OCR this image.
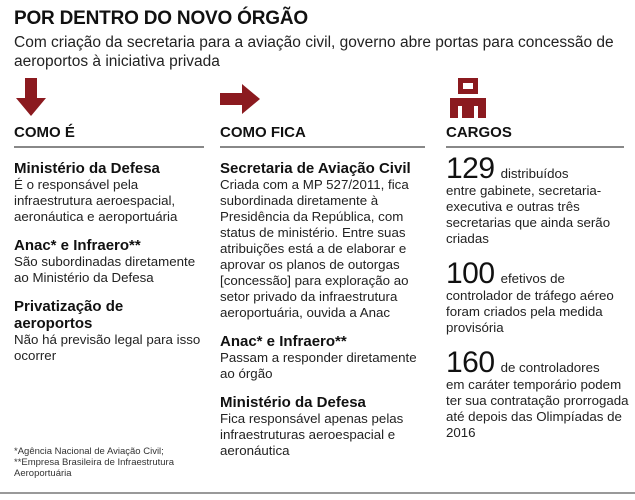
POR DENTRO DO NOVO ÓRGÃO
Com criação da secretaria para a aviação civil, governo abre portas para concessão de aeroportos à iniciativa privada
COMO É	COMO FICA	CARGOS
Ministério da Defesa
É o responsável pela infraestrutura aeroespacial, aeronáutica e aeroportuária
Anac* e Infraero**
São subordinadas diretamente ao Ministério da Defesa
Privatização de aeroportos
Não há previsão legal para isso ocorrer
Secretaria de Aviação Civil
Criada com a MP 527/2011, fica subordinada diretamente à Presidência da República, com status de ministério. Entre suas atribuições está a de elaborar e aprovar os planos de outorgas [concessão] para exploração ao setor privado da infraestrutura aeroportuária, ouvida a Anac
Anac* e Infraero**
Passam a responder diretamente ao órgão
Ministério da Defesa
Fica responsável apenas pelas infraestruturas aeroespacial e aeronáutica
129 distribuídos
entre gabinete, secretaria-executiva e outras três secretarias que ainda serão criadas
100 efetivos de
controlador de tráfego aéreo foram criados pela medida provisória
160 de controladores
em caráter temporário podem ter sua contratação prorrogada até depois das Olimpíadas de 2016
*Agência Nacional de Aviação Civil;
**Empresa Brasileira de Infraestrutura Aeroportuária
